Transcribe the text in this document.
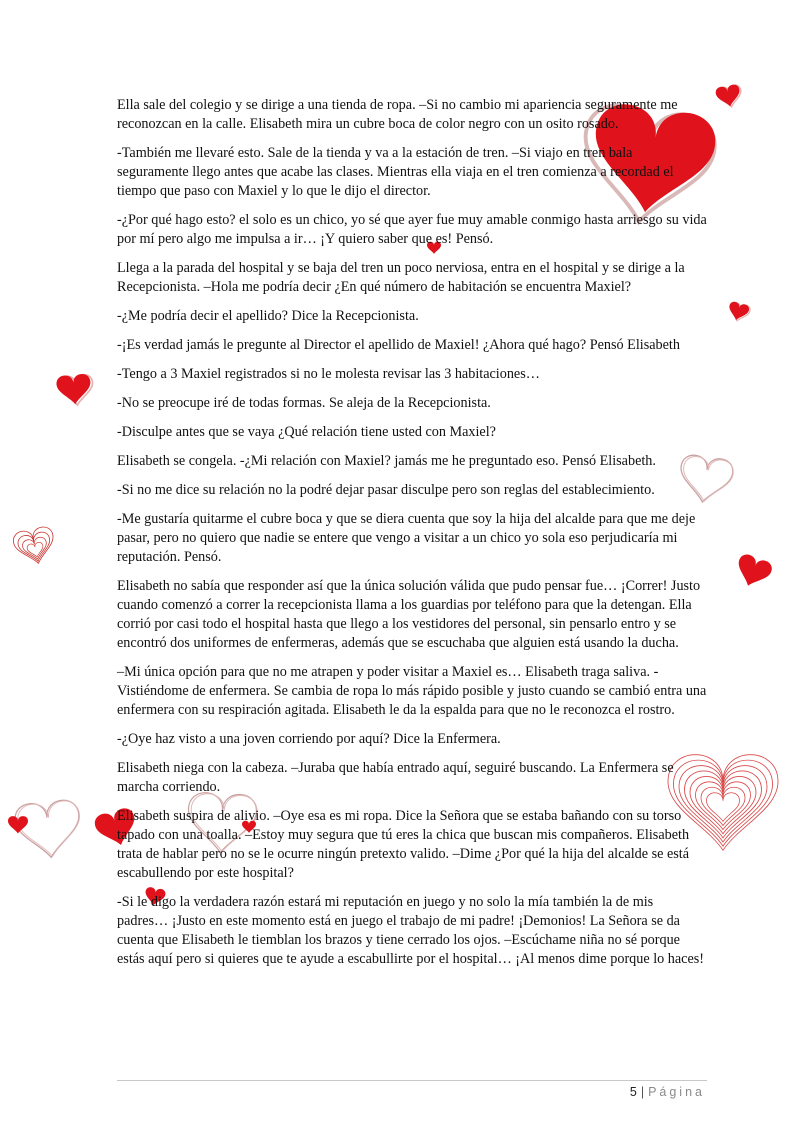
Ella sale del colegio y se dirige a una tienda de ropa. –Si no cambio mi apariencia seguramente me reconozcan en la calle. Elisabeth mira un cubre boca de color negro con un osito rosado.

-También me llevaré esto. Sale de la tienda y va a la estación de tren. –Si viajo en tren bala seguramente llego antes que acabe las clases. Mientras ella viaja en el tren comienza a recordad el tiempo que paso con Maxiel y lo que le dijo el director.

-¿Por qué hago esto? el solo es un chico, yo sé que ayer fue muy amable conmigo hasta arriesgo su vida por mí pero algo me impulsa a ir… ¡Y quiero saber que es! Pensó.

Llega a la parada del hospital y se baja del tren un poco nerviosa, entra en el hospital y se dirige a la Recepcionista. –Hola me podría decir ¿En qué número de habitación se encuentra Maxiel?

-¿Me podría decir el apellido? Dice la Recepcionista.

-¡Es verdad jamás le pregunte al Director el apellido de Maxiel! ¿Ahora qué hago? Pensó Elisabeth

-Tengo a 3 Maxiel registrados si no le molesta revisar las 3 habitaciones…

-No se preocupe iré de todas formas. Se aleja de la Recepcionista.

-Disculpe antes que se vaya ¿Qué relación tiene usted con Maxiel?

Elisabeth se congela. -¿Mi relación con Maxiel? jamás me he preguntado eso. Pensó Elisabeth.

-Si no me dice su relación no la podré dejar pasar disculpe pero son reglas del establecimiento.

-Me gustaría quitarme el cubre boca y que se diera cuenta que soy la hija del alcalde para que me deje pasar, pero no quiero que nadie se entere que vengo a visitar a un chico yo sola eso perjudicaría mi reputación. Pensó.

Elisabeth no sabía que responder así que la única solución válida que pudo pensar fue… ¡Correr! Justo cuando comenzó a correr la recepcionista llama a los guardias por teléfono para que la detengan. Ella corrió por casi todo el hospital hasta que llego a los vestidores del personal, sin pensarlo entro y se encontró dos uniformes de enfermeras, además que se escuchaba que alguien está usando la ducha.

–Mi única opción para que no me atrapen y poder visitar a Maxiel es… Elisabeth traga saliva. -Vistiéndome de enfermera. Se cambia de ropa lo más rápido posible y justo cuando se cambió entra una enfermera con su respiración agitada. Elisabeth le da la espalda para que no le reconozca el rostro.

-¿Oye haz visto a una joven corriendo por aquí? Dice la Enfermera.

Elisabeth niega con la cabeza. –Juraba que había entrado aquí, seguiré buscando. La Enfermera se marcha corriendo.

Elisabeth suspira de alivio. –Oye esa es mi ropa. Dice la Señora que se estaba bañando con su torso tapado con una toalla. –Estoy muy segura que tú eres la chica que buscan mis compañeros. Elisabeth trata de hablar pero no se le ocurre ningún pretexto valido. –Dime ¿Por qué la hija del alcalde se está escabullendo por este hospital?

-Si le digo la verdadera razón estará mi reputación en juego y no solo la mía también la de mis padres… ¡Justo en este momento está en juego el trabajo de mi padre! ¡Demonios! La Señora se da cuenta que Elisabeth le tiemblan los brazos y tiene cerrado los ojos. –Escúchame niña no sé porque estás aquí pero si quieres que te ayude a escabullirte por el hospital… ¡Al menos dime porque lo haces!

5 | Página
